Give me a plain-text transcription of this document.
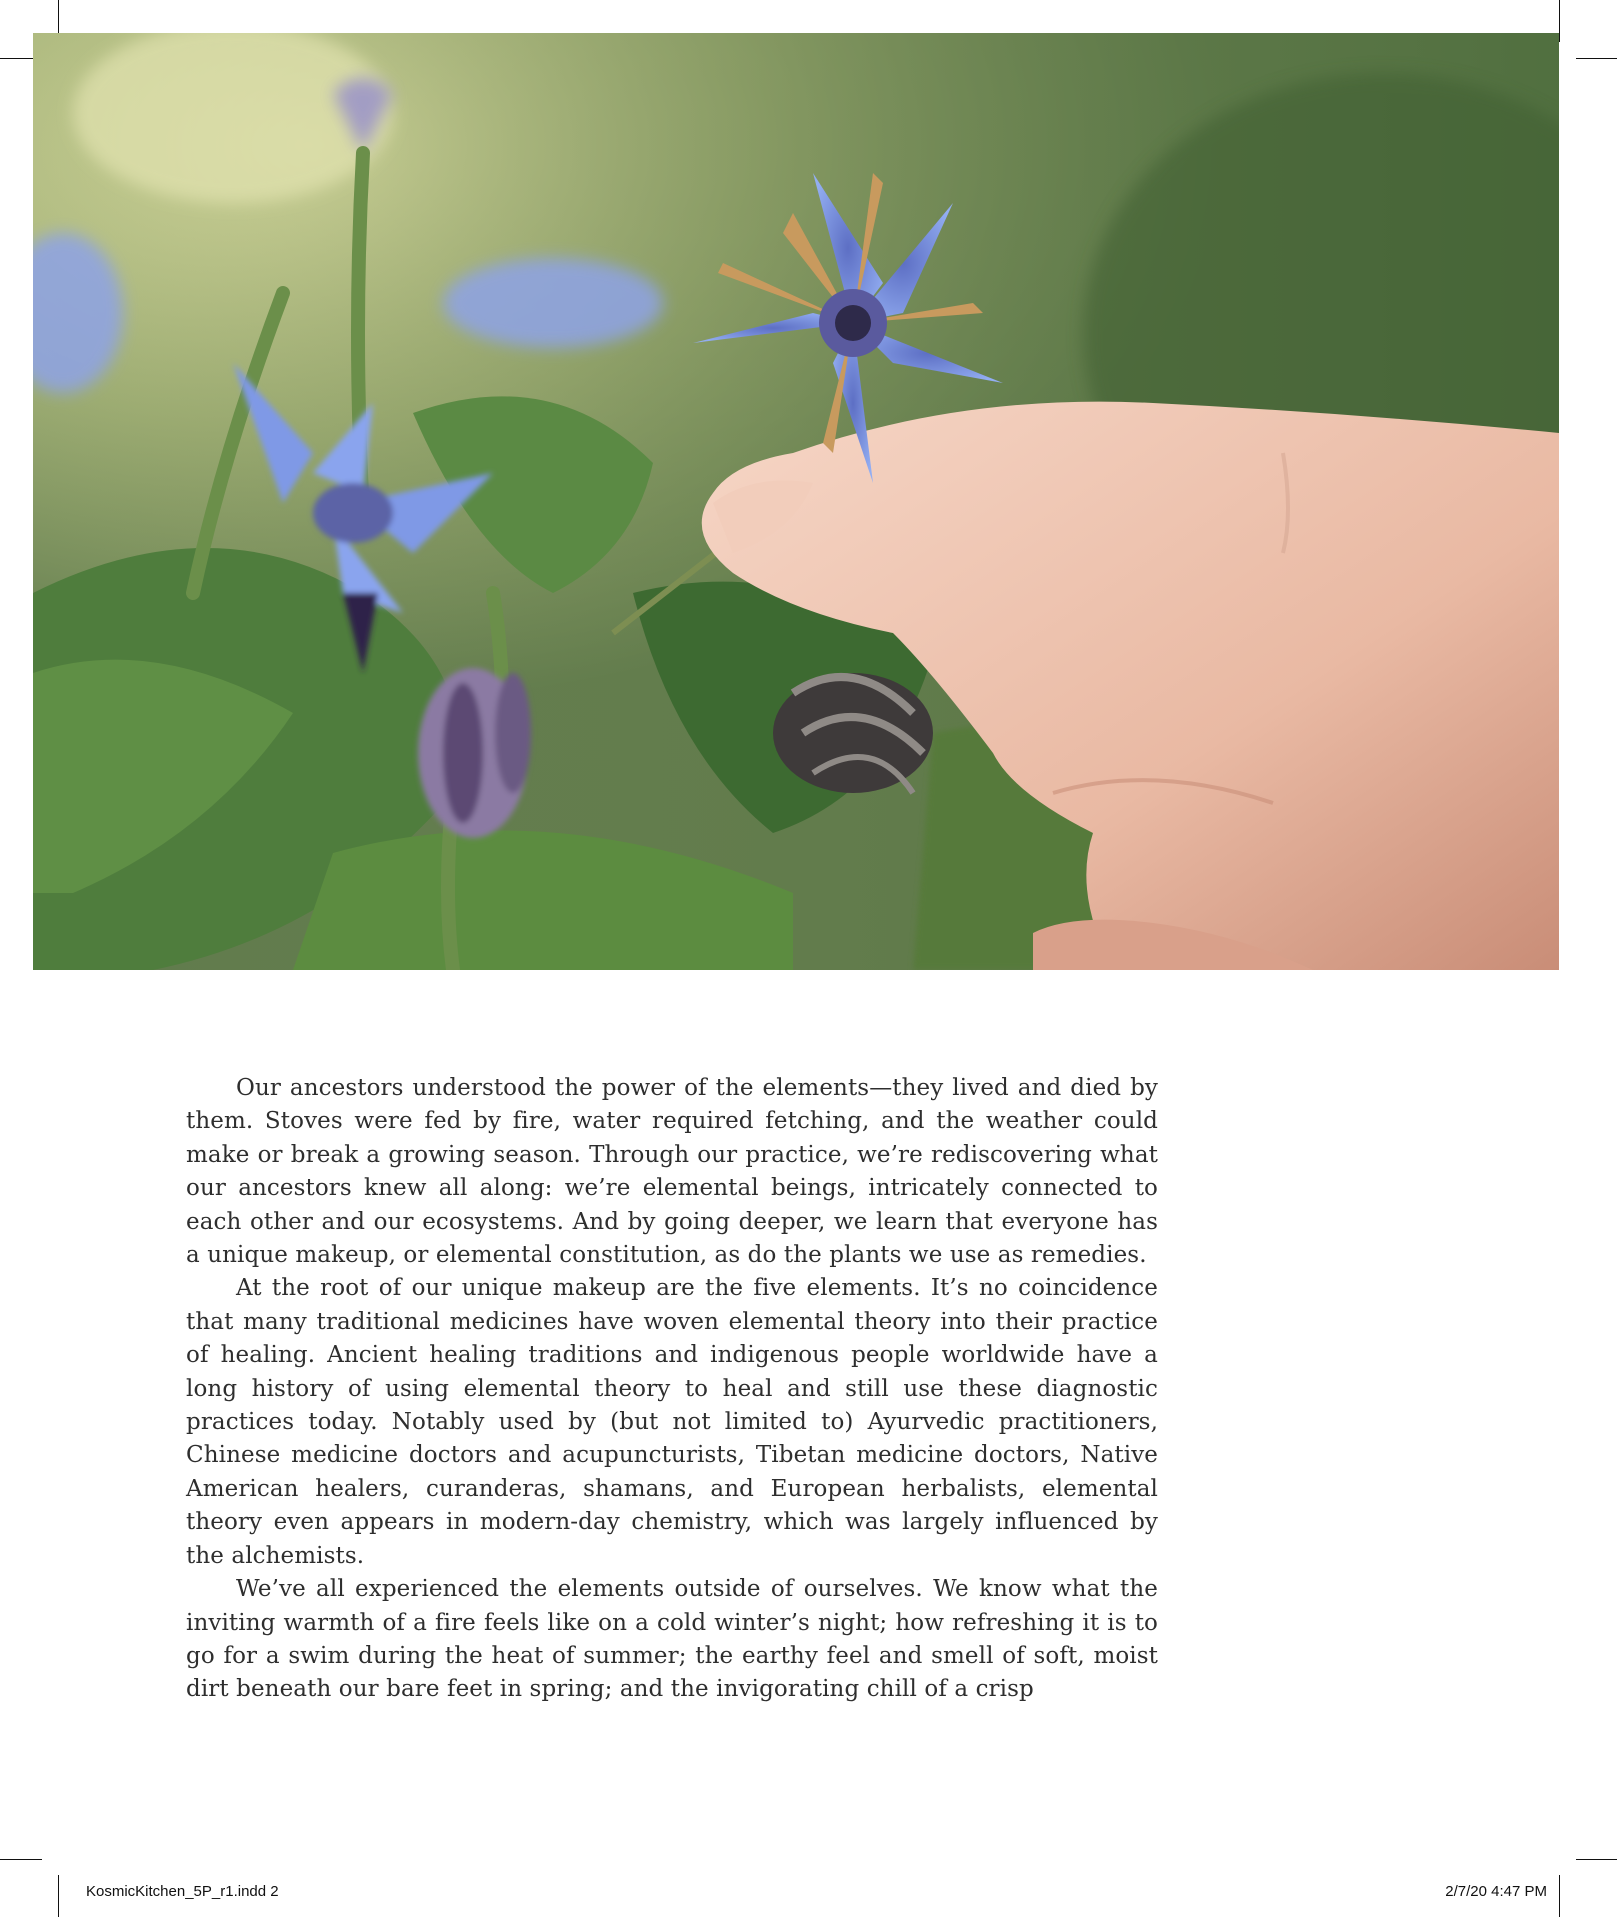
Our ancestors understood the power of the elements—they lived and died by them. Stoves were fed by fire, water required fetching, and the weather could make or break a growing season. Through our practice, we’re rediscovering what our ancestors knew all along: we’re elemental beings, intricately connected to each other and our ecosystems. And by going deeper, we learn that everyone has a unique makeup, or elemental constitution, as do the plants we use as remedies.

At the root of our unique makeup are the five elements. It’s no coincidence that many traditional medicines have woven elemental theory into their practice of healing. Ancient healing traditions and indigenous people worldwide have a long history of using elemental theory to heal and still use these diagnostic practices today. Notably used by (but not limited to) Ayurvedic practitioners, Chinese medicine doctors and acupuncturists, Tibetan medicine doctors, Native American healers, curanderas, shamans, and European herbalists, elemental theory even appears in modern-day chemistry, which was largely influenced by the alchemists.

We’ve all experienced the elements outside of ourselves. We know what the inviting warmth of a fire feels like on a cold winter’s night; how refreshing it is to go for a swim during the heat of summer; the earthy feel and smell of soft, moist dirt beneath our bare feet in spring; and the invigorating chill of a crisp

KosmicKitchen_5P_r1.indd 2	2/7/20 4:47 PM
